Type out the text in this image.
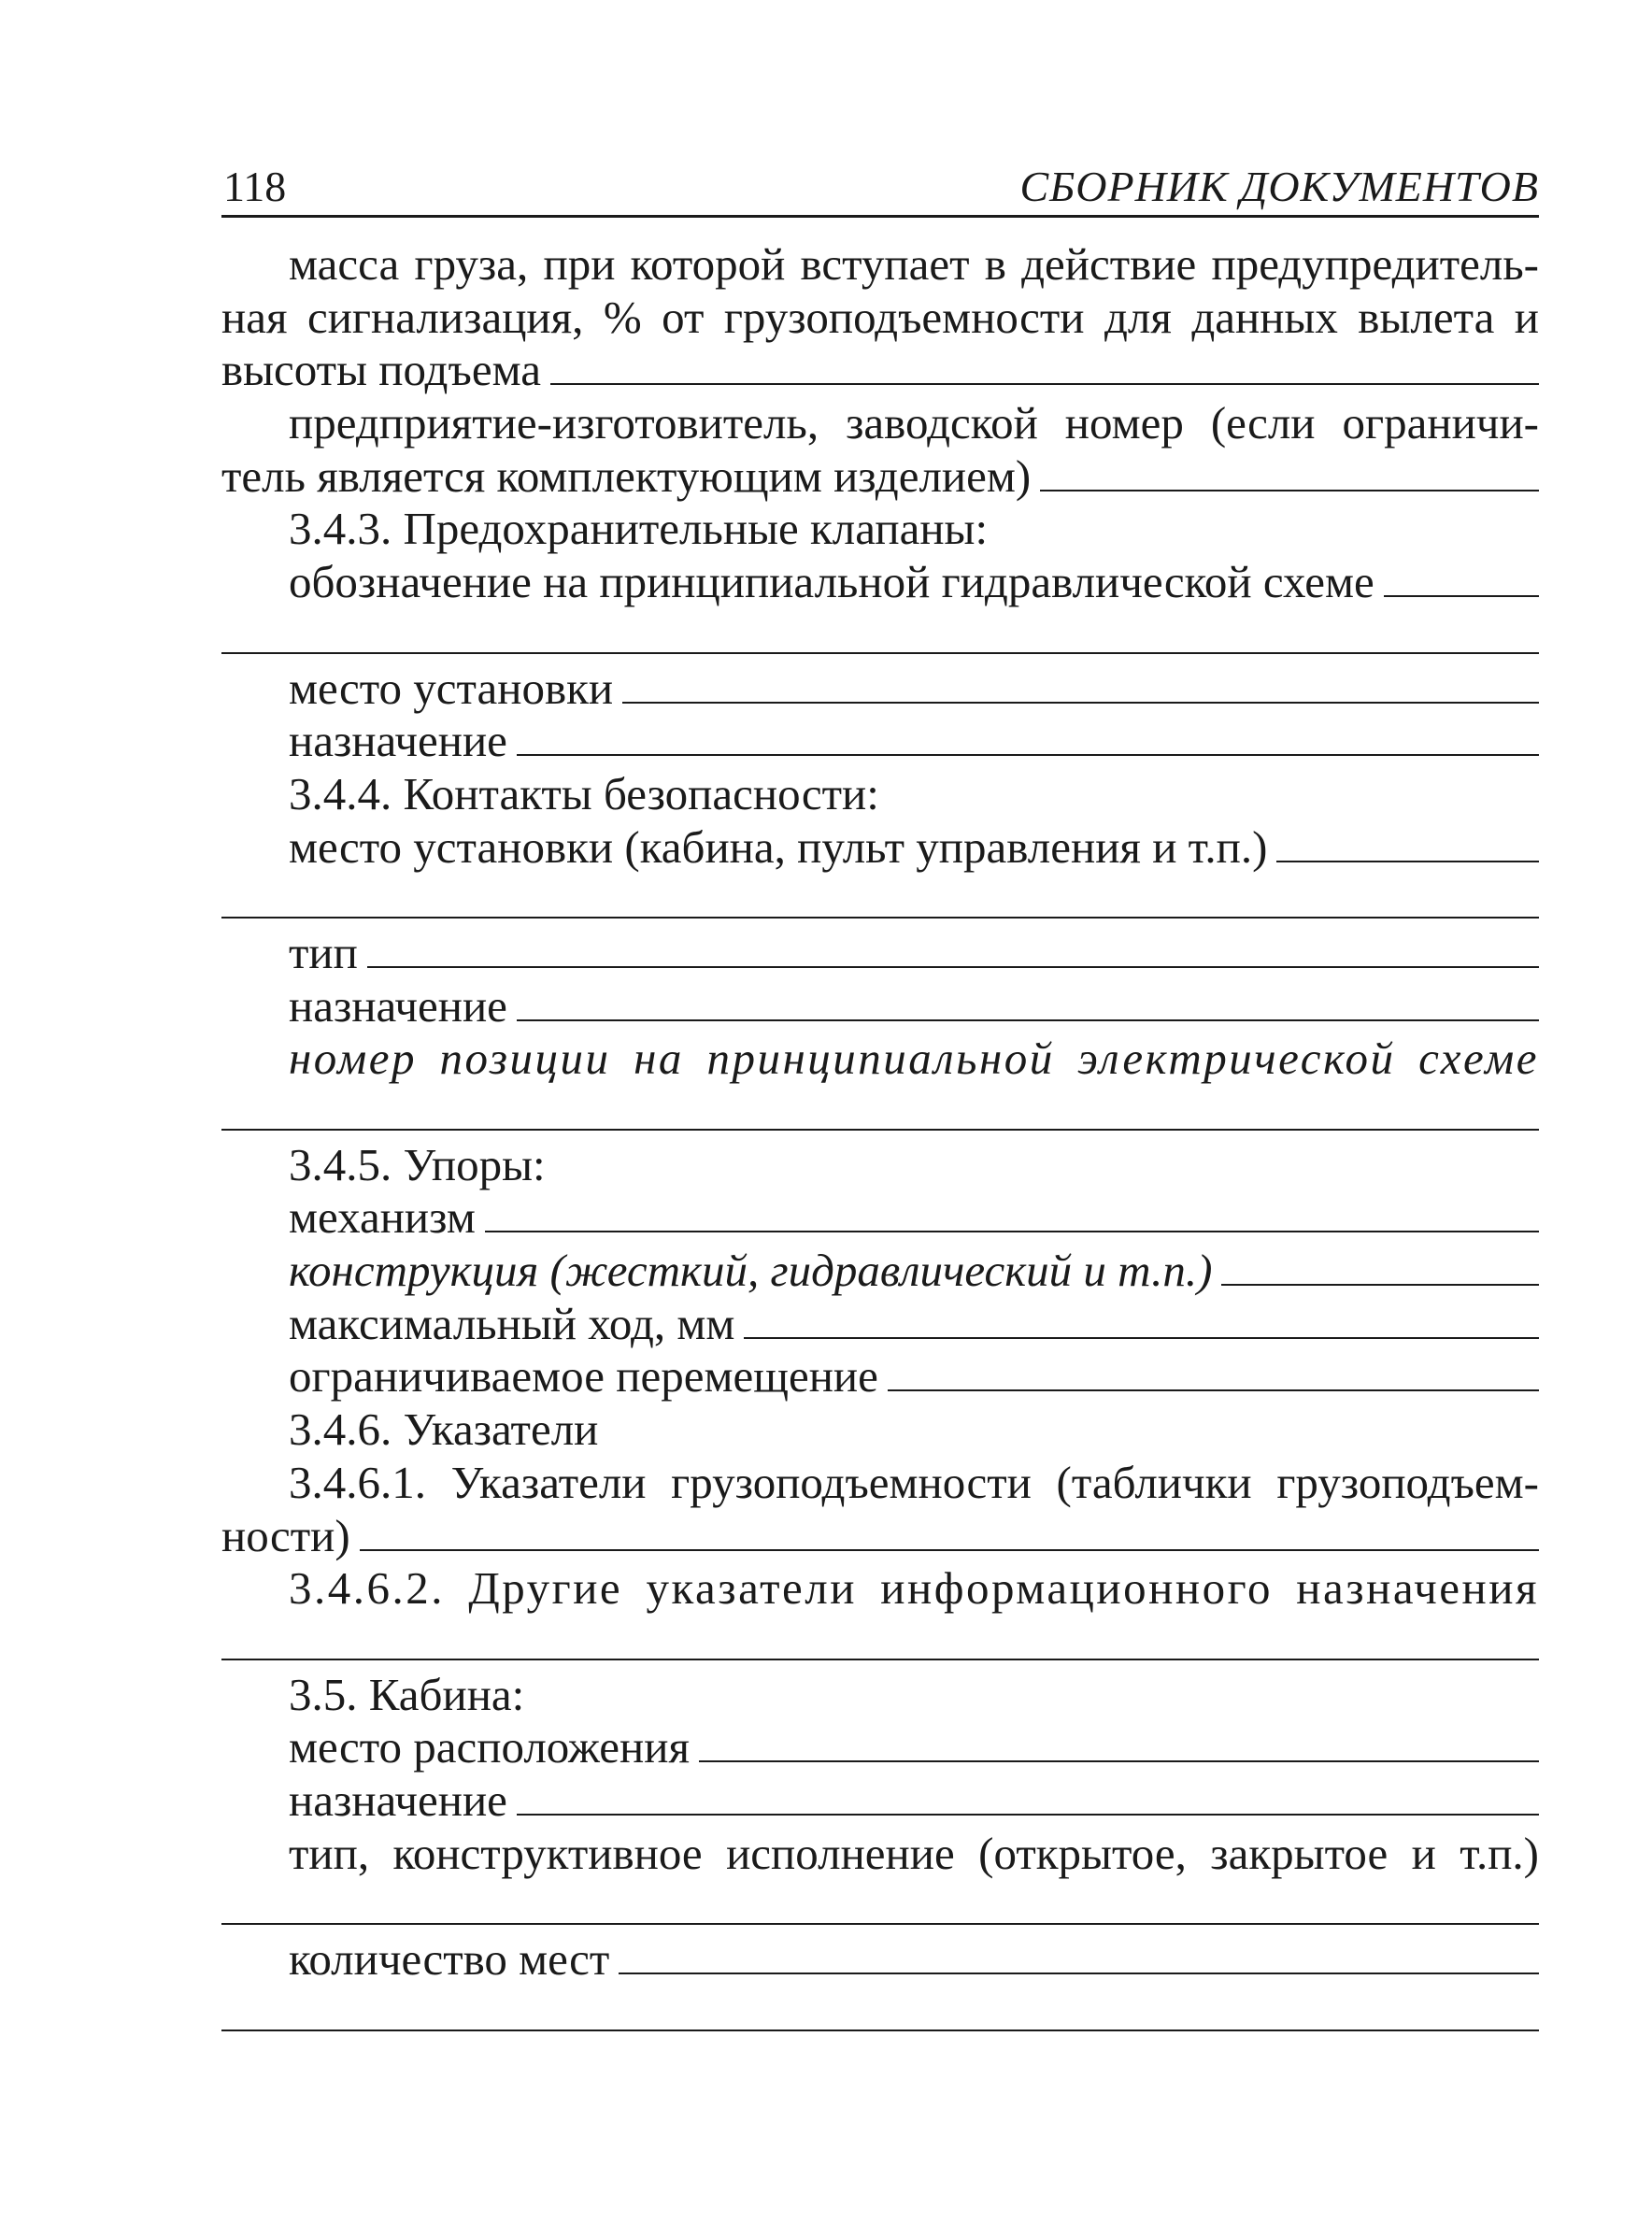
118	СБОРНИК ДОКУМЕНТОВ
масса груза, при которой вступает в действие предупредитель-
ная сигнализация, % от грузоподъемности для данных вылета и
высоты подъема
предприятие-изготовитель, заводской номер (если ограничи-
тель является комплектующим изделием)
3.4.3. Предохранительные клапаны:
обозначение на принципиальной гидравлической схеме
место установки
назначение
3.4.4. Контакты безопасности:
место установки (кабина, пульт управления и т.п.)
тип
назначение
номер позиции на принципиальной электрической схеме
3.4.5. Упоры:
механизм
конструкция (жесткий, гидравлический и т.п.)
максимальный ход, мм
ограничиваемое перемещение
3.4.6. Указатели
3.4.6.1. Указатели грузоподъемности (таблички грузоподъем-
ности)
3.4.6.2. Другие указатели информационного назначения
3.5. Кабина:
место расположения
назначение
тип, конструктивное исполнение (открытое, закрытое и т.п.)
количество мест
